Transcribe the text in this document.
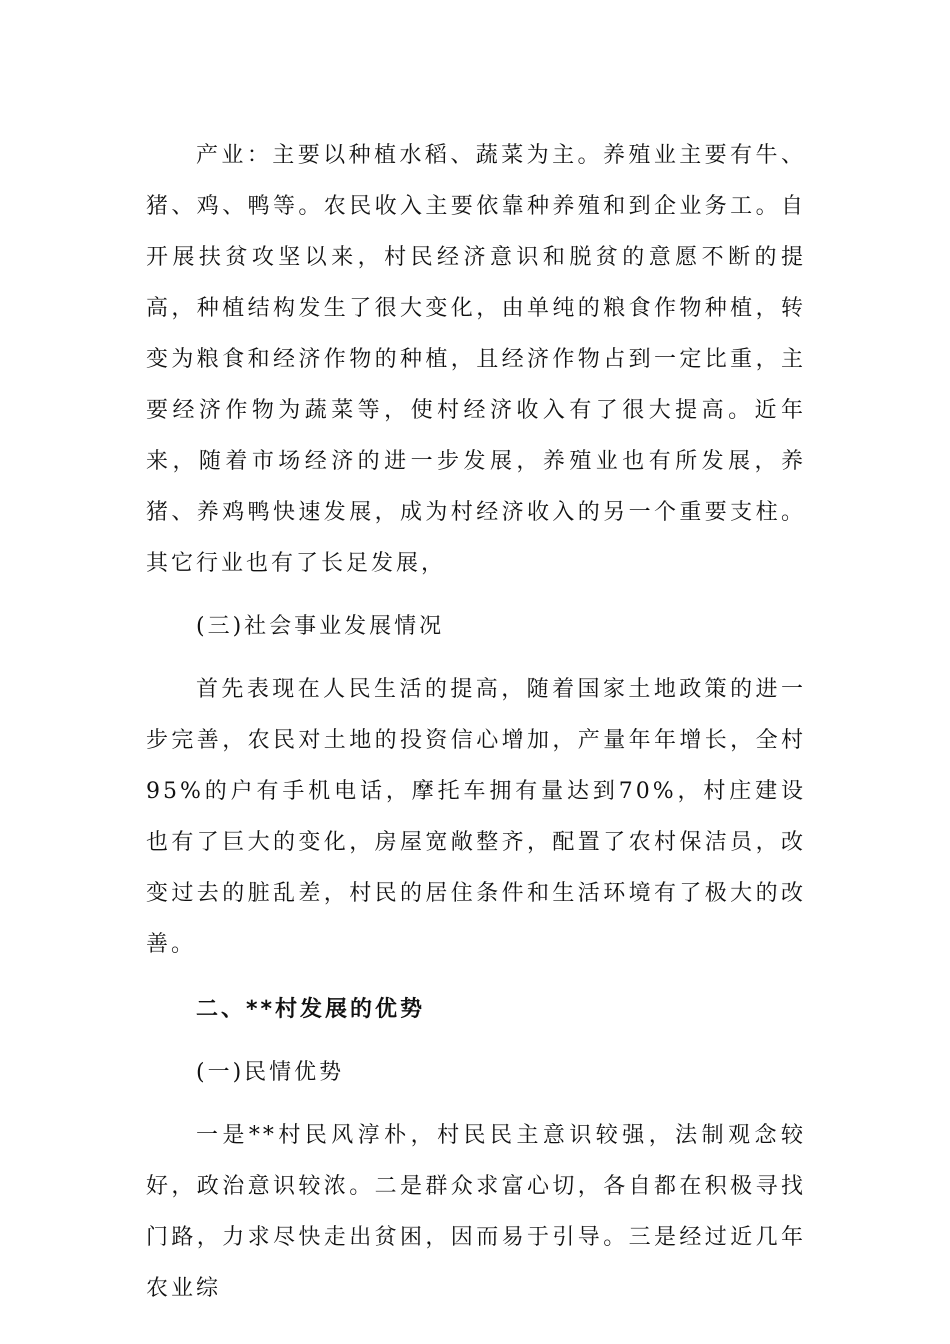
产业：主要以种植水稻、蔬菜为主。养殖业主要有牛、猪、鸡、鸭等。农民收入主要依靠种养殖和到企业务工。自开展扶贫攻坚以来，村民经济意识和脱贫的意愿不断的提高，种植结构发生了很大变化，由单纯的粮食作物种植，转变为粮食和经济作物的种植，且经济作物占到一定比重，主要经济作物为蔬菜等，使村经济收入有了很大提高。近年来，随着市场经济的进一步发展，养殖业也有所发展，养猪、养鸡鸭快速发展，成为村经济收入的另一个重要支柱。其它行业也有了长足发展，

(三)社会事业发展情况

首先表现在人民生活的提高，随着国家土地政策的进一步完善，农民对土地的投资信心增加，产量年年增长，全村95%的户有手机电话，摩托车拥有量达到70%，村庄建设也有了巨大的变化，房屋宽敞整齐，配置了农村保洁员，改变过去的脏乱差，村民的居住条件和生活环境有了极大的改善。

二、**村发展的优势

(一)民情优势

一是**村民风淳朴，村民民主意识较强，法制观念较好，政治意识较浓。二是群众求富心切，各自都在积极寻找门路，力求尽快走出贫困，因而易于引导。三是经过近几年农业综
